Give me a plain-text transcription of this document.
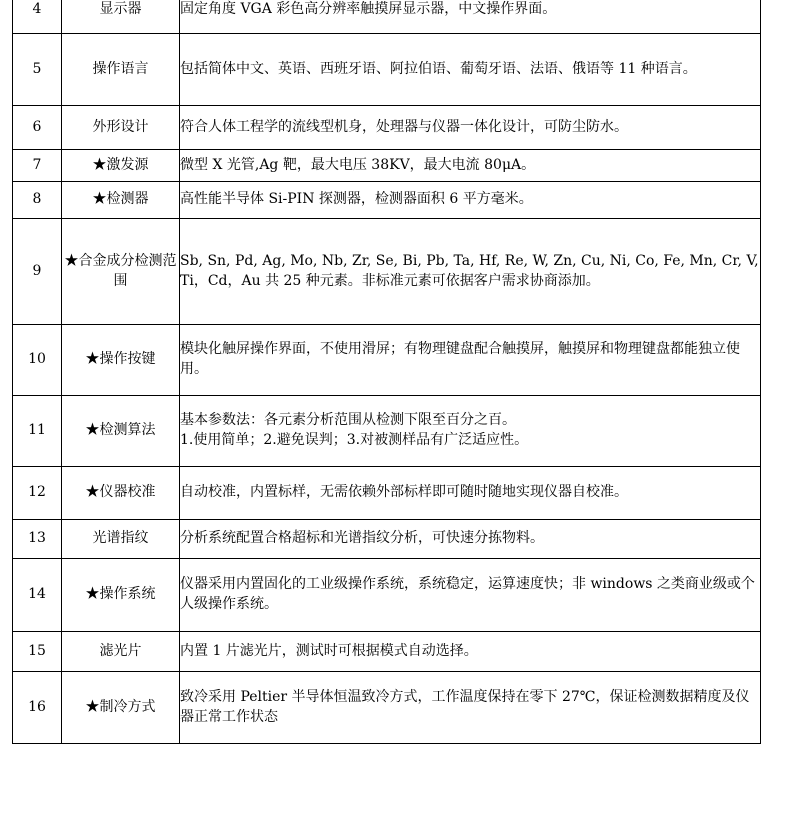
4	显示器	固定角度 VGA 彩色高分辨率触摸屏显示器，中文操作界面。
5	操作语言	包括简体中文、英语、西班牙语、阿拉伯语、葡萄牙语、法语、俄语等 11 种语言。
6	外形设计	符合人体工程学的流线型机身，处理器与仪器一体化设计，可防尘防水。
7	★激发源	微型 X 光管,Ag 靶，最大电压 38KV，最大电流 80μA。
8	★检测器	高性能半导体 Si-PIN 探测器，检测器面积 6 平方毫米。
9	★合金成分检测范围	Sb, Sn, Pd, Ag, Mo, Nb, Zr, Se, Bi, Pb, Ta, Hf, Re, W, Zn, Cu, Ni, Co, Fe, Mn, Cr, V, Ti，Cd，Au 共 25 种元素。非标准元素可依据客户需求协商添加。
10	★操作按键	模块化触屏操作界面，不使用滑屏；有物理键盘配合触摸屏，触摸屏和物理键盘都能独立使用。
11	★检测算法	基本参数法：各元素分析范围从检测下限至百分之百。
1.使用简单；2.避免误判；3.对被测样品有广泛适应性。

12	★仪器校准	自动校准，内置标样，无需依赖外部标样即可随时随地实现仪器自校准。
13	光谱指纹	分析系统配置合格超标和光谱指纹分析，可快速分拣物料。
14	★操作系统	仪器采用内置固化的工业级操作系统，系统稳定，运算速度快；非 windows 之类商业级或个人级操作系统。
15	滤光片	内置 1 片滤光片，测试时可根据模式自动选择。
16	★制冷方式	致冷采用 Peltier 半导体恒温致冷方式，工作温度保持在零下 27℃，保证检测数据精度及仪器正常工作状态
